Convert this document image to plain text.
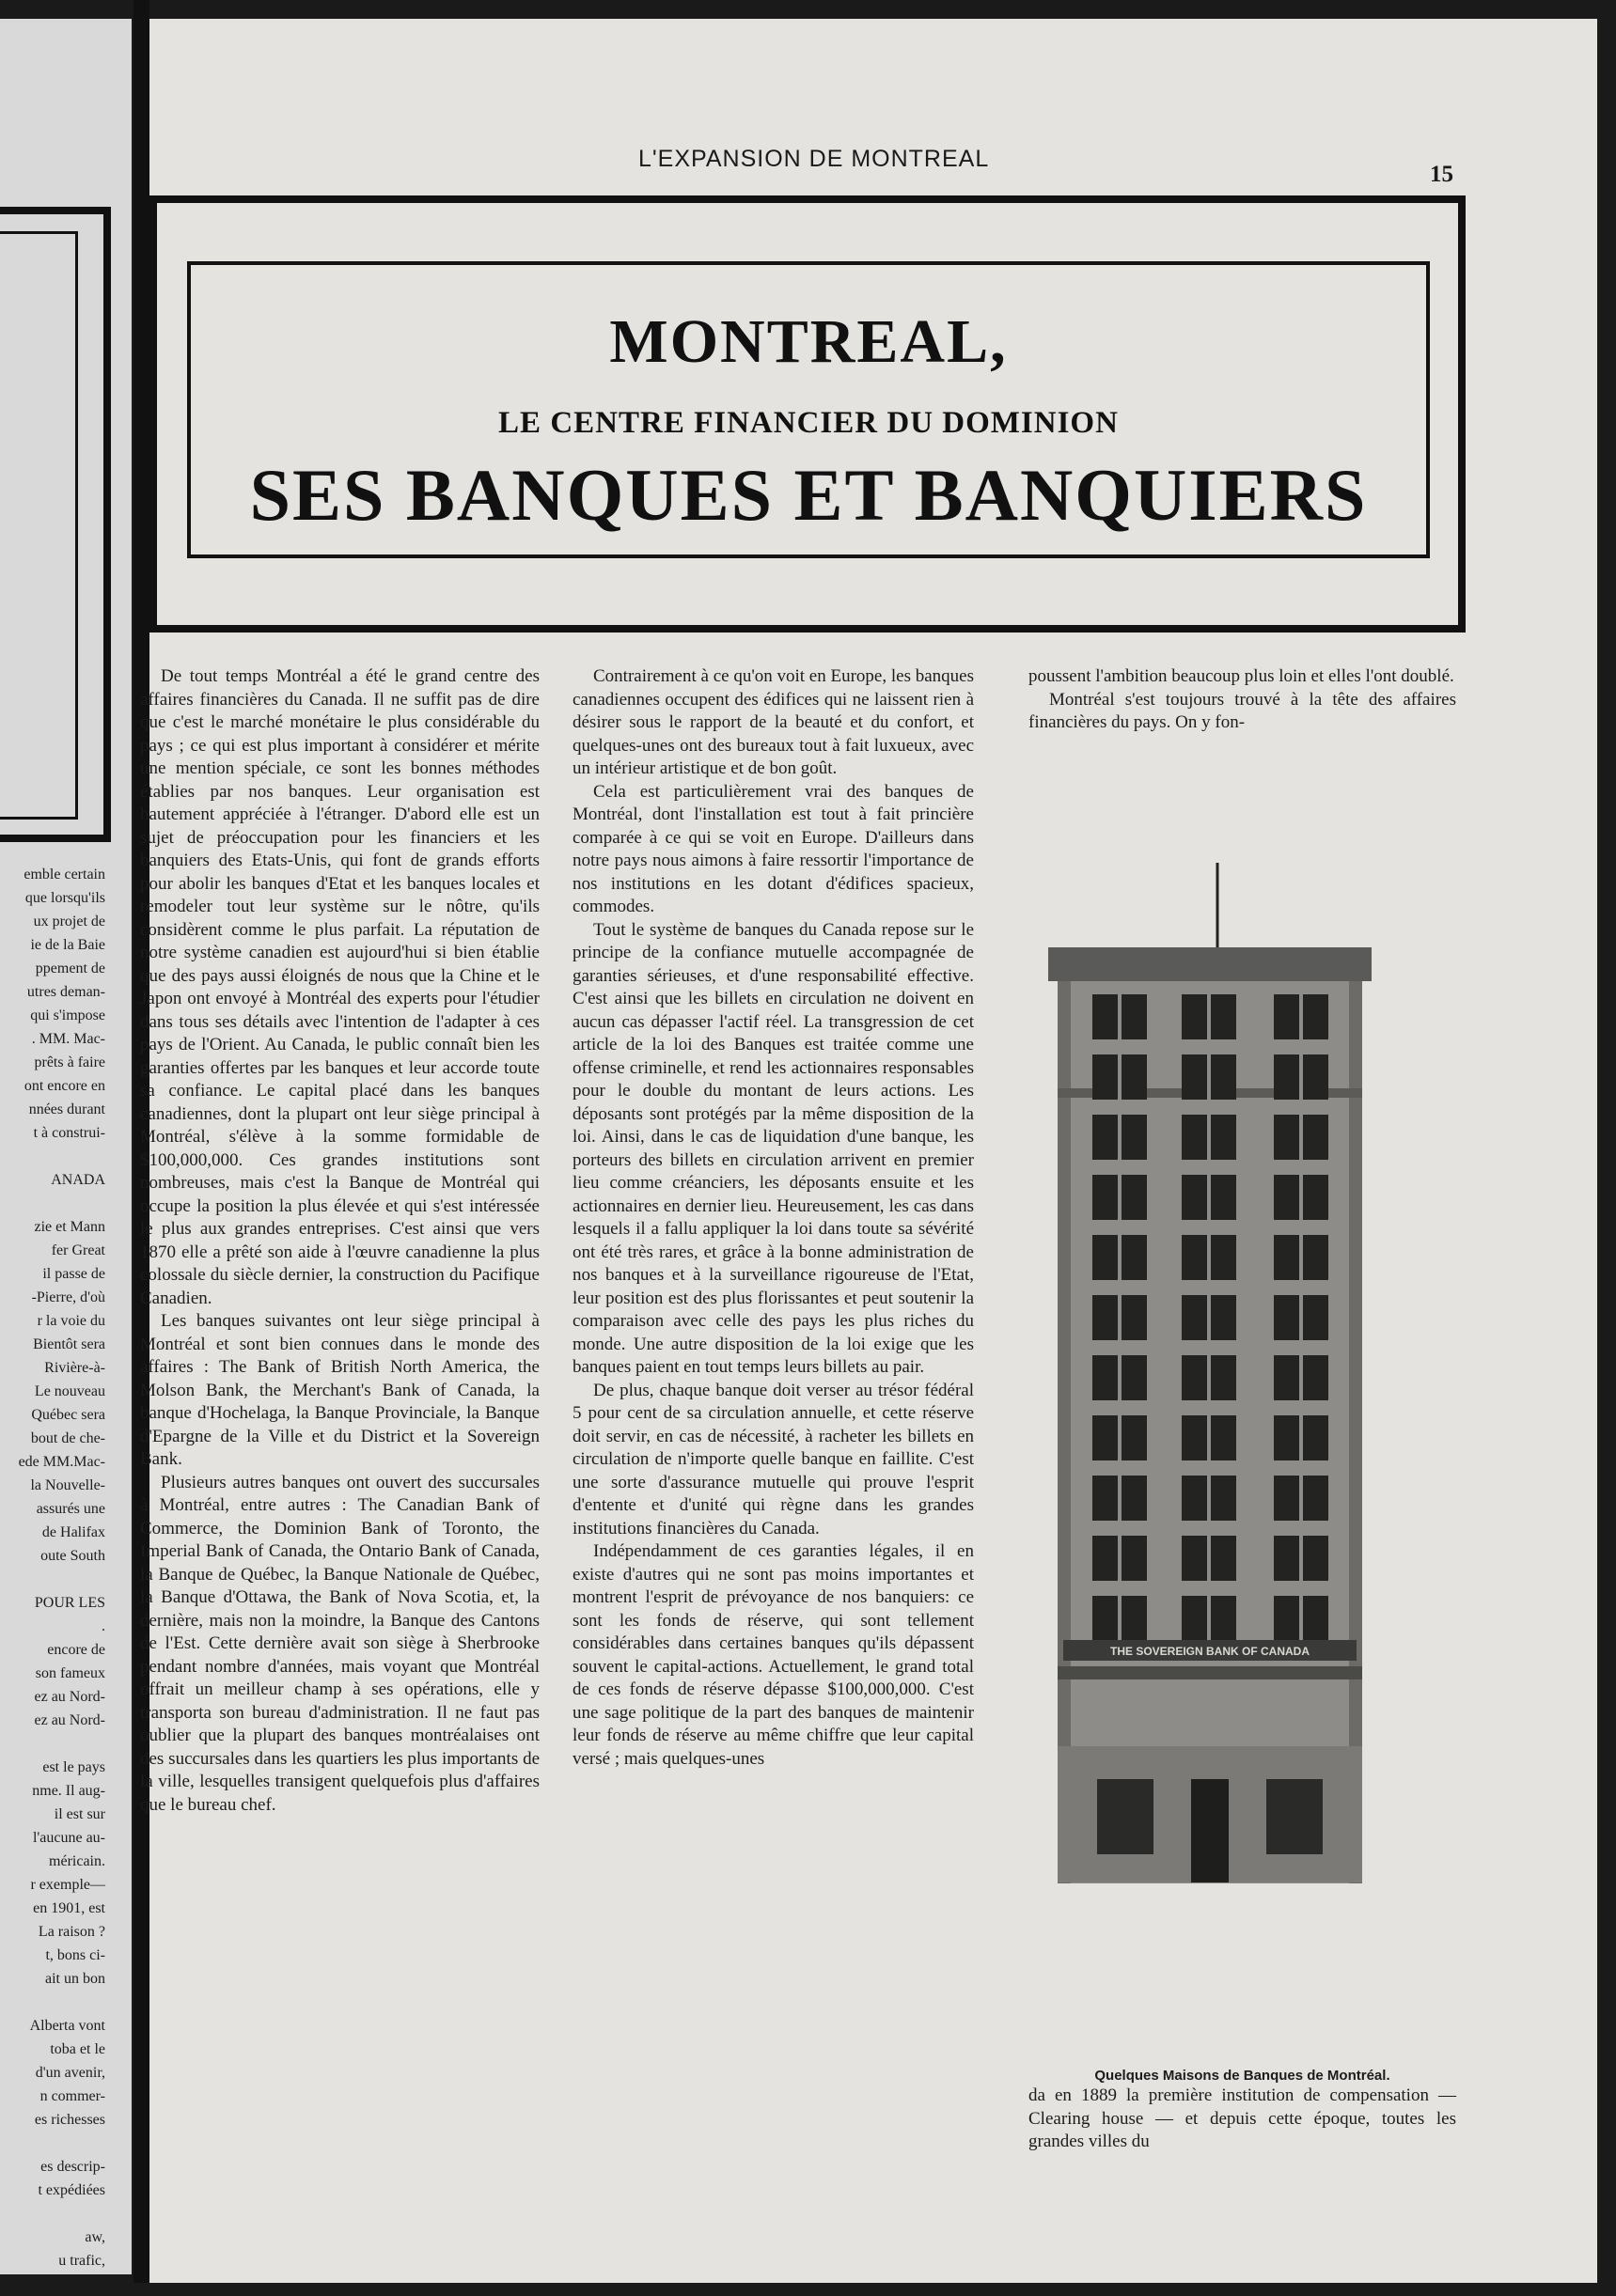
emble certain
que lorsqu'ils
ux projet de
ie de la Baie
ppement de
utres deman-
qui s'impose
. MM. Mac-
prêts à faire
ont encore en
nnées durant
t à construi-
ANADA
zie et Mann
fer Great
il passe de
-Pierre, d'où
r la voie du
Bientôt sera
Rivière-à-
Le nouveau
Québec sera
bout de che-
ede MM.Mac-
la Nouvelle-
assurés une
de Halifax
oute South
POUR LES
.
encore de
son fameux
ez au Nord-
ez au Nord-
est le pays
nme. Il aug-
il est sur
l'aucune au-
méricain.
r exemple—
en 1901, est
La raison ?
t, bons ci-
ait un bon
Alberta vont
toba et le
d'un avenir,
n commer-
es richesses
es descrip-
t expédiées
aw,
u trafic,
Manitoba).
L'EXPANSION DE MONTREAL
15
MONTREAL,
LE CENTRE FINANCIER DU DOMINION
SES BANQUES ET BANQUIERS

De tout temps Montréal a été le grand centre des affaires financières du Canada. Il ne suffit pas de dire que c'est le marché monétaire le plus considérable du pays ; ce qui est plus important à considérer et mérite une mention spéciale, ce sont les bonnes méthodes établies par nos banques. Leur organisation est hautement appréciée à l'étranger. D'abord elle est un sujet de préoccupation pour les financiers et les banquiers des Etats-Unis, qui font de grands efforts pour abolir les banques d'Etat et les banques locales et remodeler tout leur système sur le nôtre, qu'ils considèrent comme le plus parfait. La réputation de notre système canadien est aujourd'hui si bien établie que des pays aussi éloignés de nous que la Chine et le Japon ont envoyé à Montréal des experts pour l'étudier dans tous ses détails avec l'intention de l'adapter à ces pays de l'Orient. Au Canada, le public connaît bien les garanties offertes par les banques et leur accorde toute sa confiance. Le capital placé dans les banques canadiennes, dont la plupart ont leur siège principal à Montréal, s'élève à la somme formidable de $100,000,000. Ces grandes institutions sont nombreuses, mais c'est la Banque de Montréal qui occupe la position la plus élevée et qui s'est intéressée le plus aux grandes entreprises. C'est ainsi que vers 1870 elle a prêté son aide à l'œuvre canadienne la plus colossale du siècle dernier, la construction du Pacifique Canadien.

Les banques suivantes ont leur siège principal à Montréal et sont bien connues dans le monde des affaires : The Bank of British North America, the Molson Bank, the Merchant's Bank of Canada, la banque d'Hochelaga, la Banque Provinciale, la Banque d'Epargne de la Ville et du District et la Sovereign Bank.

Plusieurs autres banques ont ouvert des succursales à Montréal, entre autres : The Canadian Bank of Commerce, the Dominion Bank of Toronto, the Imperial Bank of Canada, the Ontario Bank of Canada, la Banque de Québec, la Banque Nationale de Québec, la Banque d'Ottawa, the Bank of Nova Scotia, et, la dernière, mais non la moindre, la Banque des Cantons de l'Est. Cette dernière avait son siège à Sherbrooke pendant nombre d'années, mais voyant que Montréal offrait un meilleur champ à ses opérations, elle y transporta son bureau d'administration. Il ne faut pas oublier que la plupart des banques montréalaises ont des succursales dans les quartiers les plus importants de la ville, lesquelles transigent quelquefois plus d'affaires que le bureau chef.

Contrairement à ce qu'on voit en Europe, les banques canadiennes occupent des édifices qui ne laissent rien à désirer sous le rapport de la beauté et du confort, et quelques-unes ont des bureaux tout à fait luxueux, avec un intérieur artistique et de bon goût.

Cela est particulièrement vrai des banques de Montréal, dont l'installation est tout à fait princière comparée à ce qui se voit en Europe. D'ailleurs dans notre pays nous aimons à faire ressortir l'importance de nos institutions en les dotant d'édifices spacieux, commodes.

Tout le système de banques du Canada repose sur le principe de la confiance mutuelle accompagnée de garanties sérieuses, et d'une responsabilité effective. C'est ainsi que les billets en circulation ne doivent en aucun cas dépasser l'actif réel. La transgression de cet article de la loi des Banques est traitée comme une offense criminelle, et rend les actionnaires responsables pour le double du montant de leurs actions. Les déposants sont protégés par la même disposition de la loi. Ainsi, dans le cas de liquidation d'une banque, les porteurs des billets en circulation arrivent en premier lieu comme créanciers, les déposants ensuite et les actionnaires en dernier lieu. Heureusement, les cas dans lesquels il a fallu appliquer la loi dans toute sa sévérité ont été très rares, et grâce à la bonne administration de nos banques et à la surveillance rigoureuse de l'Etat, leur position est des plus florissantes et peut soutenir la comparaison avec celle des pays les plus riches du monde. Une autre disposition de la loi exige que les banques paient en tout temps leurs billets au pair.

De plus, chaque banque doit verser au trésor fédéral 5 pour cent de sa circulation annuelle, et cette réserve doit servir, en cas de nécessité, à racheter les billets en circulation de n'importe quelle banque en faillite. C'est une sorte d'assurance mutuelle qui prouve l'esprit d'entente et d'unité qui règne dans les grandes institutions financières du Canada.

Indépendamment de ces garanties légales, il en existe d'autres qui ne sont pas moins importantes et montrent l'esprit de prévoyance de nos banquiers: ce sont les fonds de réserve, qui sont tellement considérables dans certaines banques qu'ils dépassent souvent le capital-actions. Actuellement, le grand total de ces fonds de réserve dépasse $100,000,000. C'est une sage politique de la part des banques de maintenir leur fonds de réserve au même chiffre que leur capital versé ; mais quelques-unes

poussent l'ambition beaucoup plus loin et elles l'ont doublé.

Montréal s'est toujours trouvé à la tête des affaires financières du pays. On y fon-

THE SOVEREIGN BANK OF CANADA
Quelques Maisons de Banques de Montréal.

da en 1889 la première institution de compensation — Clearing house — et depuis cette époque, toutes les grandes villes du
